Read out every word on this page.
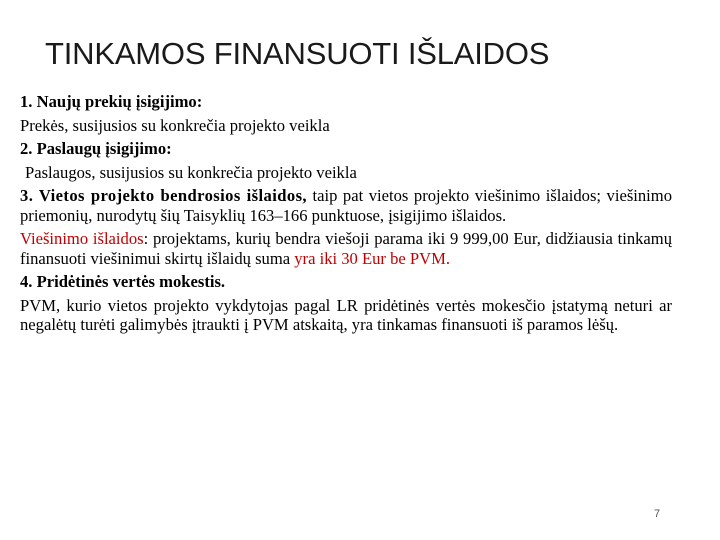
TINKAMOS FINANSUOTI IŠLAIDOS

1. Naujų prekių įsigijimo:

Prekės, susijusios su konkrečia projekto veikla

2. Paslaugų įsigijimo:

Paslaugos, susijusios su konkrečia projekto veikla

3. Vietos projekto bendrosios išlaidos, taip pat vietos projekto viešinimo išlaidos; viešinimo priemonių, nurodytų šių Taisyklių 163–166 punktuose, įsigijimo išlaidos.

Viešinimo išlaidos: projektams, kurių bendra viešoji parama iki 9 999,00 Eur, didžiausia tinkamų finansuoti viešinimui skirtų išlaidų suma yra iki 30 Eur be PVM.

4. Pridėtinės vertės mokestis.

PVM, kurio vietos projekto vykdytojas pagal LR pridėtinės vertės mokesčio įstatymą neturi ar negalėtų turėti galimybės įtraukti į PVM atskaitą, yra tinkamas finansuoti iš paramos lėšų.

7
